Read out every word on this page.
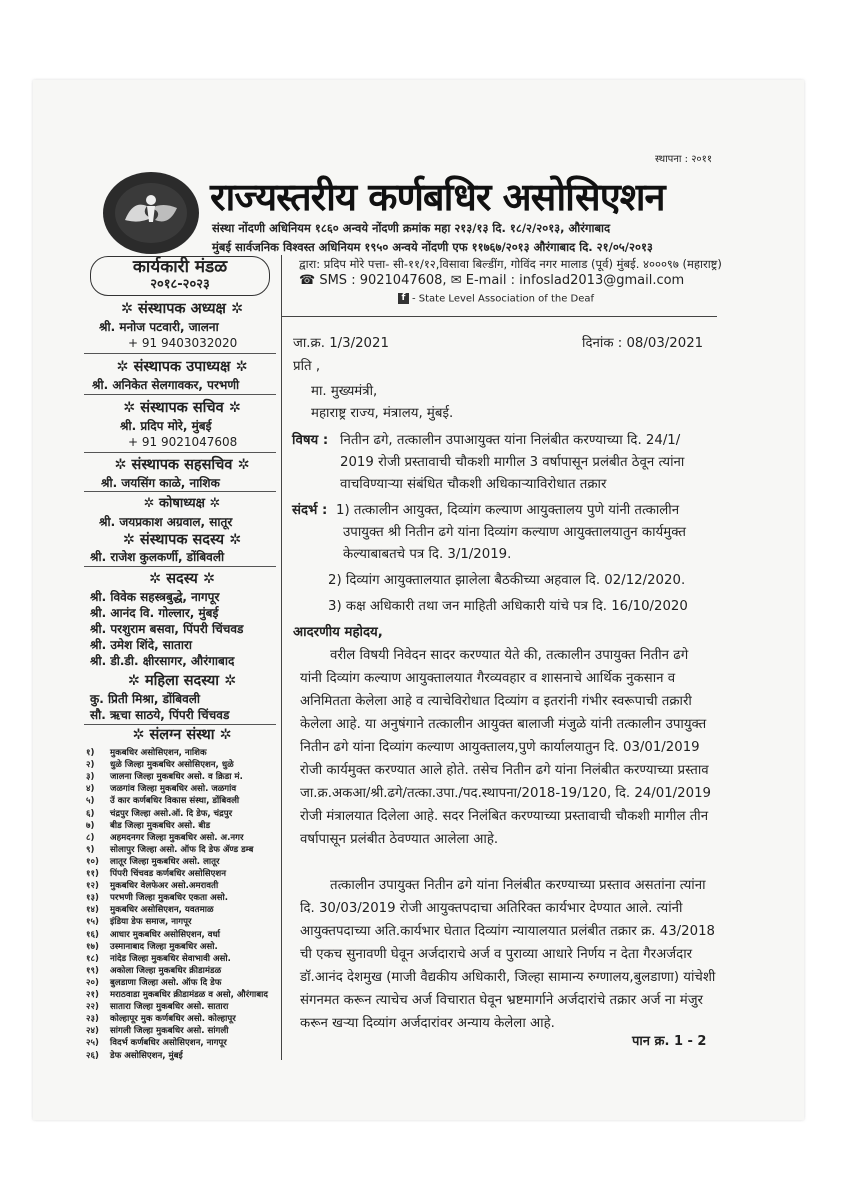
स्थापना : २०११
राज्यस्तरीय कर्णबधिर असोसिएशन
संस्था नोंदणी अधिनियम १८६० अन्वये नोंदणी क्रमांक महा २१३/१३ दि. १८/२/२०१३, औरंगाबाद
मुंबई सार्वजनिक विश्‍वस्त अधिनियम १९५० अन्वये नोंदणी एफ ११७६७/२०१३ औरंगाबाद दि. २१/०५/२०१३
कार्यकारी मंडळ
२०१८-२०२३
✲ संस्थापक अध्यक्ष ✲
श्री. मनोज पटवारी, जालना
+ 91 9403032020
✲ संस्थापक उपाध्यक्ष ✲
श्री. अनिकेत सेलगावकर, परभणी
✲ संस्थापक सचिव ✲
श्री. प्रदिप मोरे, मुंबई
+ 91 9021047608
✲ संस्थापक सहसचिव ✲
श्री. जयसिंग काळे, नाशिक
✲ कोषाध्यक्ष ✲
श्री. जयप्रकाश अग्रवाल, सातूर
✲ संस्थापक सदस्य ✲
श्री. राजेश कुलकर्णी, डोंबिवली
✲ सदस्य ✲
श्री. विवेक सहस्त्रबुद्धे, नागपूर
श्री. आनंद वि. गोल्लार, मुंबई
श्री. परशुराम बसवा, पिंपरी चिंचवड
श्री. उमेश शिंदे, सातारा
श्री. डी.डी. क्षीरसागर, औरंगाबाद
✲ महिला सदस्या ✲
कु. प्रिती मिश्रा, डोंबिवली
सौ. ऋचा साठये, पिंपरी चिंचवड
✲ संलग्न संस्था ✲
१) मुकबधिर असोसिएशन, नाशिक
२) धुळे जिल्हा मुकबधिर असोसिएशन, धुळे
३) जालना जिल्हा मुकबधिर असो. व क्रिडा मं.
४) जळगांव जिल्हा मुकबधिर असो. जळगांव
५) उॅ कार कर्णबधिर विकास संस्था, डोंबिवली
६) चंद्रपुर जिल्हा असो.ऑ. दि डेफ, चंद्रपुर
७) बीड जिल्हा मुकबधिर असो. बीड
८) अहमदनगर जिल्हा मुकबधिर असो. अ.नगर
९) सोलापुर जिल्हा असो. ऑफ दि डेफ ॲण्ड डम्ब
१०) लातूर जिल्हा मुकबधिर असो. लातूर
११) पिंपरी चिंचवड कर्णबधिर असोसिएशन
१२) मुकबधिर वेलफेअर असो.अमरावती
१३) परभणी जिल्हा मुकबधिर एकता असो.
१४) मुकबधिर असोसिएशन, यवतमाळ
१५) इंडिया डेफ समाज, नागपूर
१६) आधार मुकबधिर असोसिएशन, वर्धा
१७) उस्मानाबाद जिल्हा मुकबधिर असो.
१८) नांदेड जिल्हा मुकबधिर सेवाभावी असो.
१९) अकोला जिल्हा मुकबधिर क्रीडामंडळ
२०) बुलडाणा जिल्हा असो. ऑफ दि डेफ
२१) मराठवाडा मुकबधिर क्रीडामंडळ व असो, औरंगाबाद
२२) सातारा जिल्हा मुकबधिर असो. सातारा
२३) कोल्हापूर मुक कर्णबधिर असो. कोल्हापूर
२४) सांगली जिल्हा मुकबधिर असो. सांगली
२५) विदर्भ कर्णबधिर असोसिएशन, नागपूर
२६) डेफ असोसिएशन, मुंबई
द्वारा: प्रदिप मोरे पत्ता- सी-११/१२,विसावा बिल्डींग, गोविंद नगर मालाड (पूर्व) मुंबई. ४०००९७ (महाराष्ट्र)
☎ SMS : 9021047608, ✉ E-mail : infoslad2013@gmail.com
f - State Level Association of the Deaf
जा.क्र. 1/3/2021	दिनांक : 08/03/2021
प्रति ,
मा. मुख्यमंत्री,
महाराष्ट्र राज्य, मंत्रालय, मुंबई.
विषय : नितीन ढगे, तत्कालीन उपाआयुक्त यांना निलंबीत करण्याच्या दि. 24/1/
2019 रोजी प्रस्तावाची चौकशी मागील 3 वर्षापासून प्रलंबीत ठेवून त्यांना
वाचविण्याऱ्या संबंधित चौकशी अधिकाऱ्याविरोधात तक्रार
संदर्भ : 1) तत्कालीन आयुक्त, दिव्यांग कल्याण आयुक्तालय पुणे यांनी तत्कालीन
उपायुक्त श्री नितीन ढगे यांना दिव्यांग कल्याण आयुक्तालयातुन कार्यमुक्त
केल्याबाबतचे पत्र दि. 3/1/2019.
2) दिव्यांग आयुक्तालयात झालेला बैठकीच्या अहवाल दि. 02/12/2020.
3) कक्ष अधिकारी तथा जन माहिती अधिकारी यांचे पत्र दि. 16/10/2020
आदरणीय महोदय,
वरील विषयी निवेदन सादर करण्यात येते की, तत्कालीन उपायुक्त नितीन ढगे
यांनी दिव्यांग कल्याण आयुक्तालयात गैरव्यवहार व शासनाचे आर्थिक नुकसान व
अनिमितता केलेला आहे व त्याचेविरोधात दिव्यांग व इतरांनी गंभीर स्वरूपाची तक्रारी
केलेला आहे. या अनुषंगाने तत्कालीन आयुक्त बालाजी मंजुळे यांनी तत्कालीन उपायुक्त
नितीन ढगे यांना दिव्यांग कल्याण आयुक्तालय,पुणे कार्यालयातुन दि. 03/01/2019
रोजी कार्यमुक्त करण्यात आले होते. तसेच नितीन ढगे यांना निलंबीत करण्याच्या प्रस्ताव
जा.क्र.अकआ/श्री.ढगे/तत्का.उपा./पद.स्थापना/2018-19/120, दि. 24/01/2019
रोजी मंत्रालयात दिलेला आहे. सदर निलंबित करण्याच्या प्रस्तावाची चौकशी मागील तीन
वर्षापासून प्रलंबीत ठेवण्यात आलेला आहे.
तत्कालीन उपायुक्त नितीन ढगे यांना निलंबीत करण्याच्या प्रस्ताव असतांना त्यांना
दि. 30/03/2019 रोजी आयुक्तपदाचा अतिरिक्त कार्यभार देण्यात आले. त्यांनी
आयुक्तपदाच्या अति.कार्यभार घेतात दिव्यांग न्यायालयात प्रलंबीत तक्रार क्र. 43/2018
ची एकच सुनावणी घेवून अर्जदाराचे अर्ज व पुराव्या आधारे निर्णय न देता गैरअर्जदार
डॉ.आनंद देशमुख (माजी वैद्यकीय अधिकारी, जिल्हा सामान्य रुग्णालय,बुलडाणा) यांचेशी
संगनमत करून त्याचेच अर्ज विचारात घेवून भ्रष्टमार्गाने अर्जदारांचे तक्रार अर्ज ना मंजुर
करून खऱ्या दिव्यांग अर्जदारांवर अन्याय केलेला आहे.
पान क्र. 1 - 2
